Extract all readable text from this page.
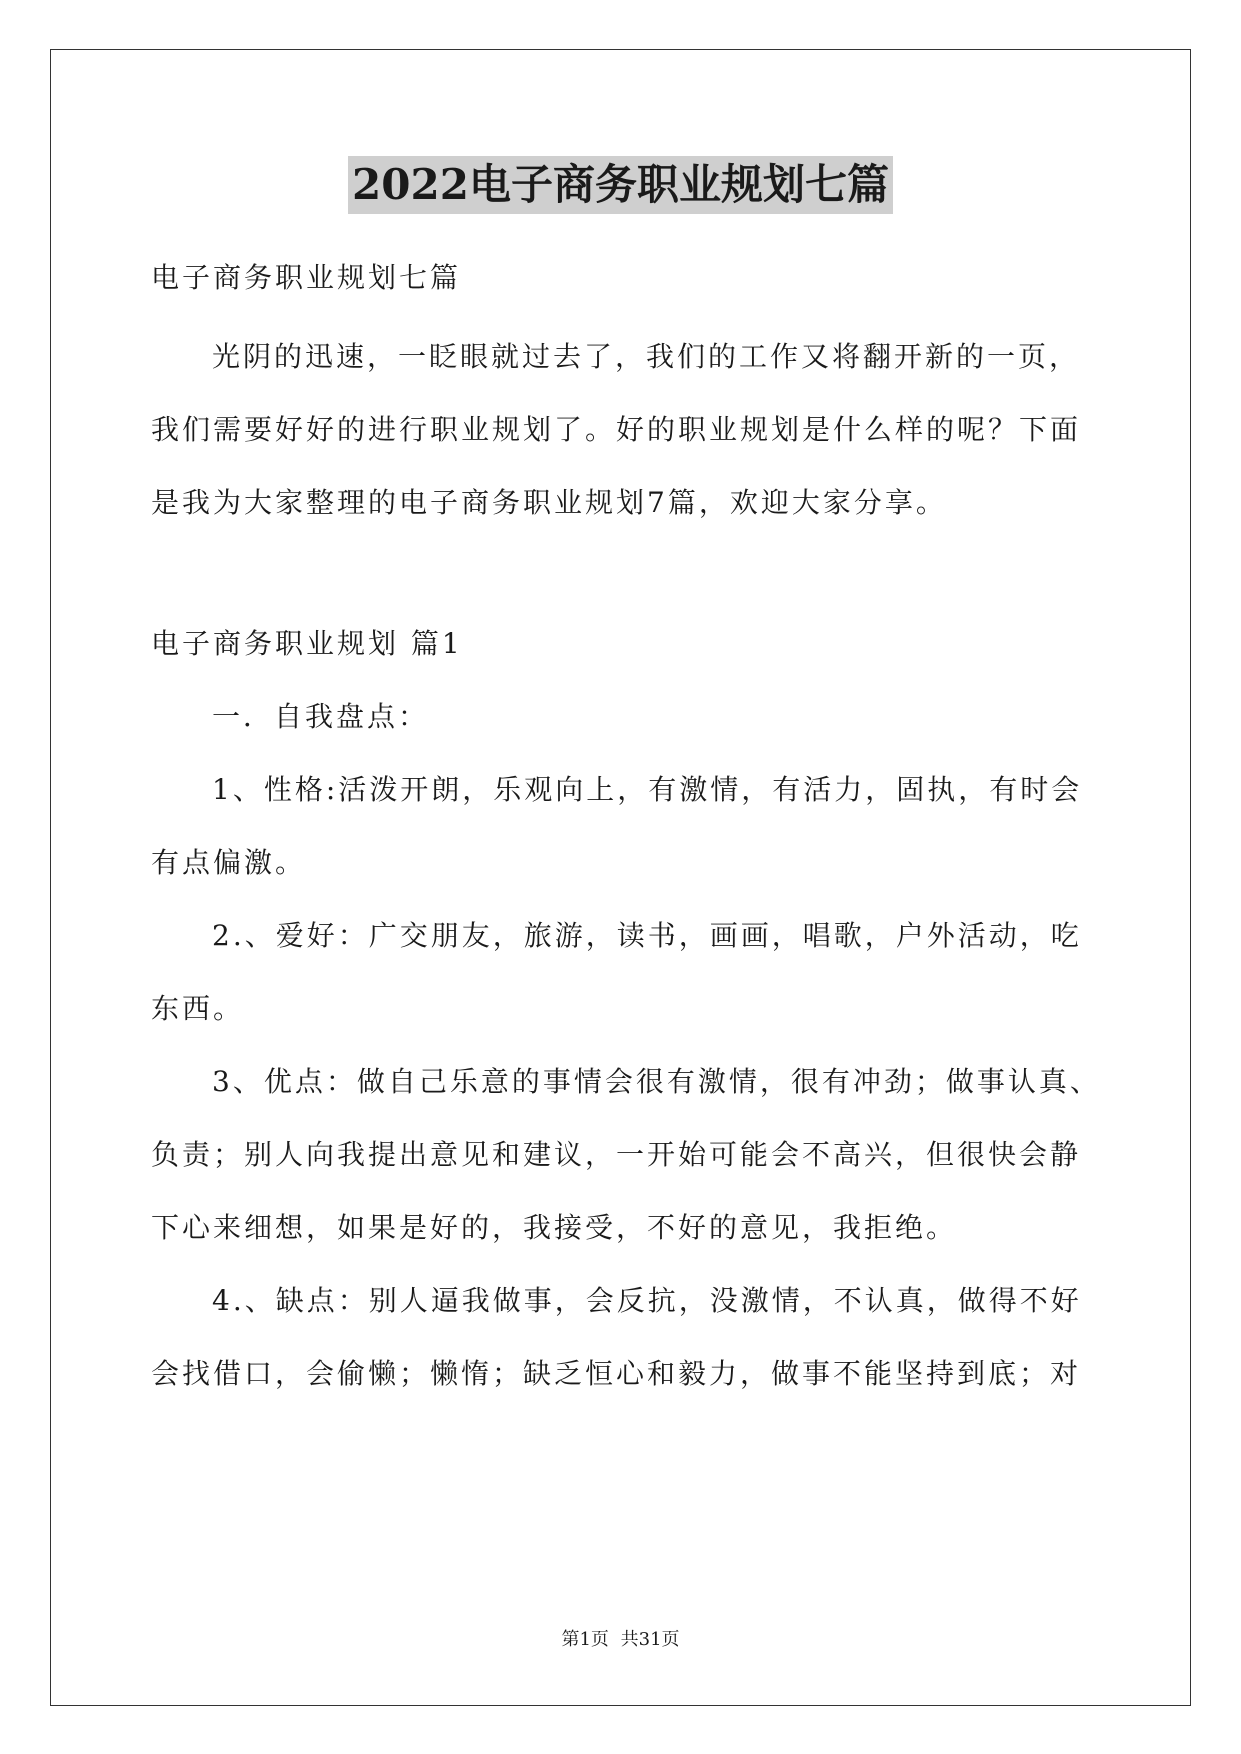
2022电子商务职业规划七篇
电子商务职业规划七篇
光阴的迅速，一眨眼就过去了，我们的工作又将翻开新的一页，
我们需要好好的进行职业规划了。好的职业规划是什么样的呢？下面
是我为大家整理的电子商务职业规划7篇，欢迎大家分享。
电子商务职业规划 篇1
一．自我盘点：
1、性格:活泼开朗，乐观向上，有激情，有活力，固执，有时会
有点偏激。
2.、爱好：广交朋友，旅游，读书，画画，唱歌，户外活动，吃
东西。
3、优点：做自己乐意的事情会很有激情，很有冲劲；做事认真、
负责；别人向我提出意见和建议，一开始可能会不高兴，但很快会静
下心来细想，如果是好的，我接受，不好的意见，我拒绝。
4.、缺点：别人逼我做事，会反抗，没激情，不认真，做得不好
会找借口，会偷懒；懒惰；缺乏恒心和毅力，做事不能坚持到底；对
第1页 共31页
